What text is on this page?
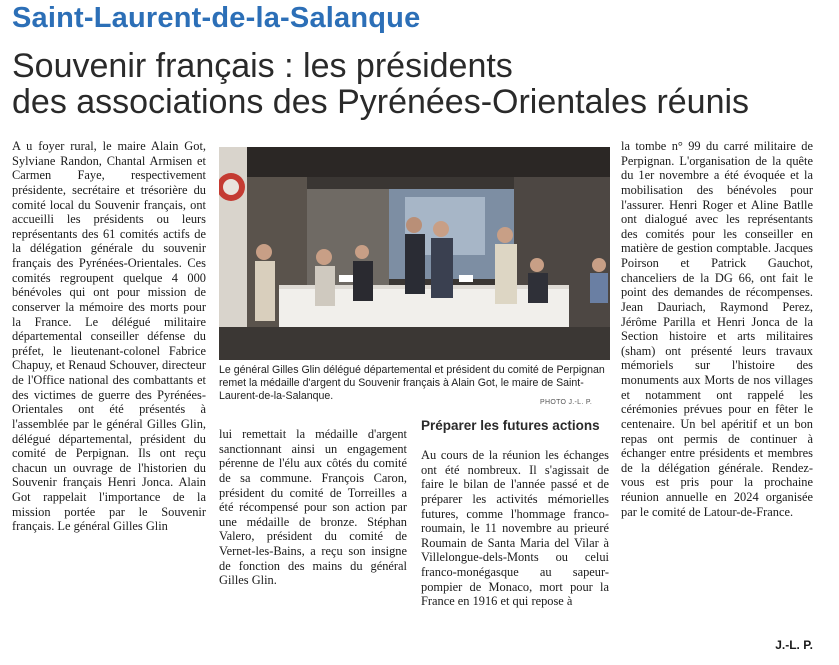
Saint-Laurent-de-la-Salanque
Souvenir français : les présidents
des associations des Pyrénées-Orientales réunis
A u foyer rural, le maire Alain Got, Sylviane Randon, Chantal Armisen et Carmen Faye, respectivement présidente, secrétaire et trésorière du comité local du Souvenir français, ont accueilli les présidents ou leurs représentants des 61 comités actifs de la délégation générale du souvenir français des Pyrénées-Orientales. Ces comités regroupent quelque 4 000 bénévoles qui ont pour mission de conserver la mémoire des morts pour la France. Le délégué militaire départemental conseiller défense du préfet, le lieutenant-colonel Fabrice Chapuy, et Renaud Schouver, directeur de l'Office national des combattants et des victimes de guerre des Pyrénées-Orientales ont été présentés à l'assemblée par le général Gilles Glin, délégué départemental, président du comité de Perpignan. Ils ont reçu chacun un ouvrage de l'historien du Souvenir français Henri Jonca. Alain Got rappelait l'importance de la mission portée par le Souvenir français. Le général Gilles Glin
Le général Gilles Glin délégué départemental et président du comité de Perpignan remet la médaille d'argent du Souvenir français à Alain Got, le maire de Saint-Laurent-de-la-Salanque.
PHOTO J.-L. P.
lui remettait la médaille d'argent sanctionnant ainsi un engagement pérenne de l'élu aux côtés du comité de sa commune. François Caron, président du comité de Torreilles a été récompensé pour son action par une médaille de bronze. Stéphan Valero, président du comité de Vernet-les-Bains, a reçu son insigne de fonction des mains du général Gilles Glin.
Préparer les futures actions
Au cours de la réunion les échanges ont été nombreux. Il s'agissait de faire le bilan de l'année passé et de préparer les activités mémorielles futures, comme l'hommage franco-roumain, le 11 novembre au prieuré Roumain de Santa Maria del Vilar à Villelongue-dels-Monts ou celui franco-monégasque au sapeur-pompier de Monaco, mort pour la France en 1916 et qui repose à
la tombe n° 99 du carré militaire de Perpignan. L'organisation de la quête du 1er novembre a été évoquée et la mobilisation des bénévoles pour l'assurer. Henri Roger et Aline Batlle ont dialogué avec les représentants des comités pour les conseiller en matière de gestion comptable. Jacques Poirson et Patrick Gauchot, chanceliers de la DG 66, ont fait le point des demandes de récompenses. Jean Dauriach, Raymond Perez, Jérôme Parilla et Henri Jonca de la Section histoire et arts militaires (sham) ont présenté leurs travaux mémoriels sur l'histoire des monuments aux Morts de nos villages et notamment ont rappelé les cérémonies prévues pour en fêter le centenaire. Un bel apéritif et un bon repas ont permis de continuer à échanger entre présidents et membres de la délégation générale. Rendez-vous est pris pour la prochaine réunion annuelle en 2024 organisée par le comité de Latour-de-France.
J.-L. P.
